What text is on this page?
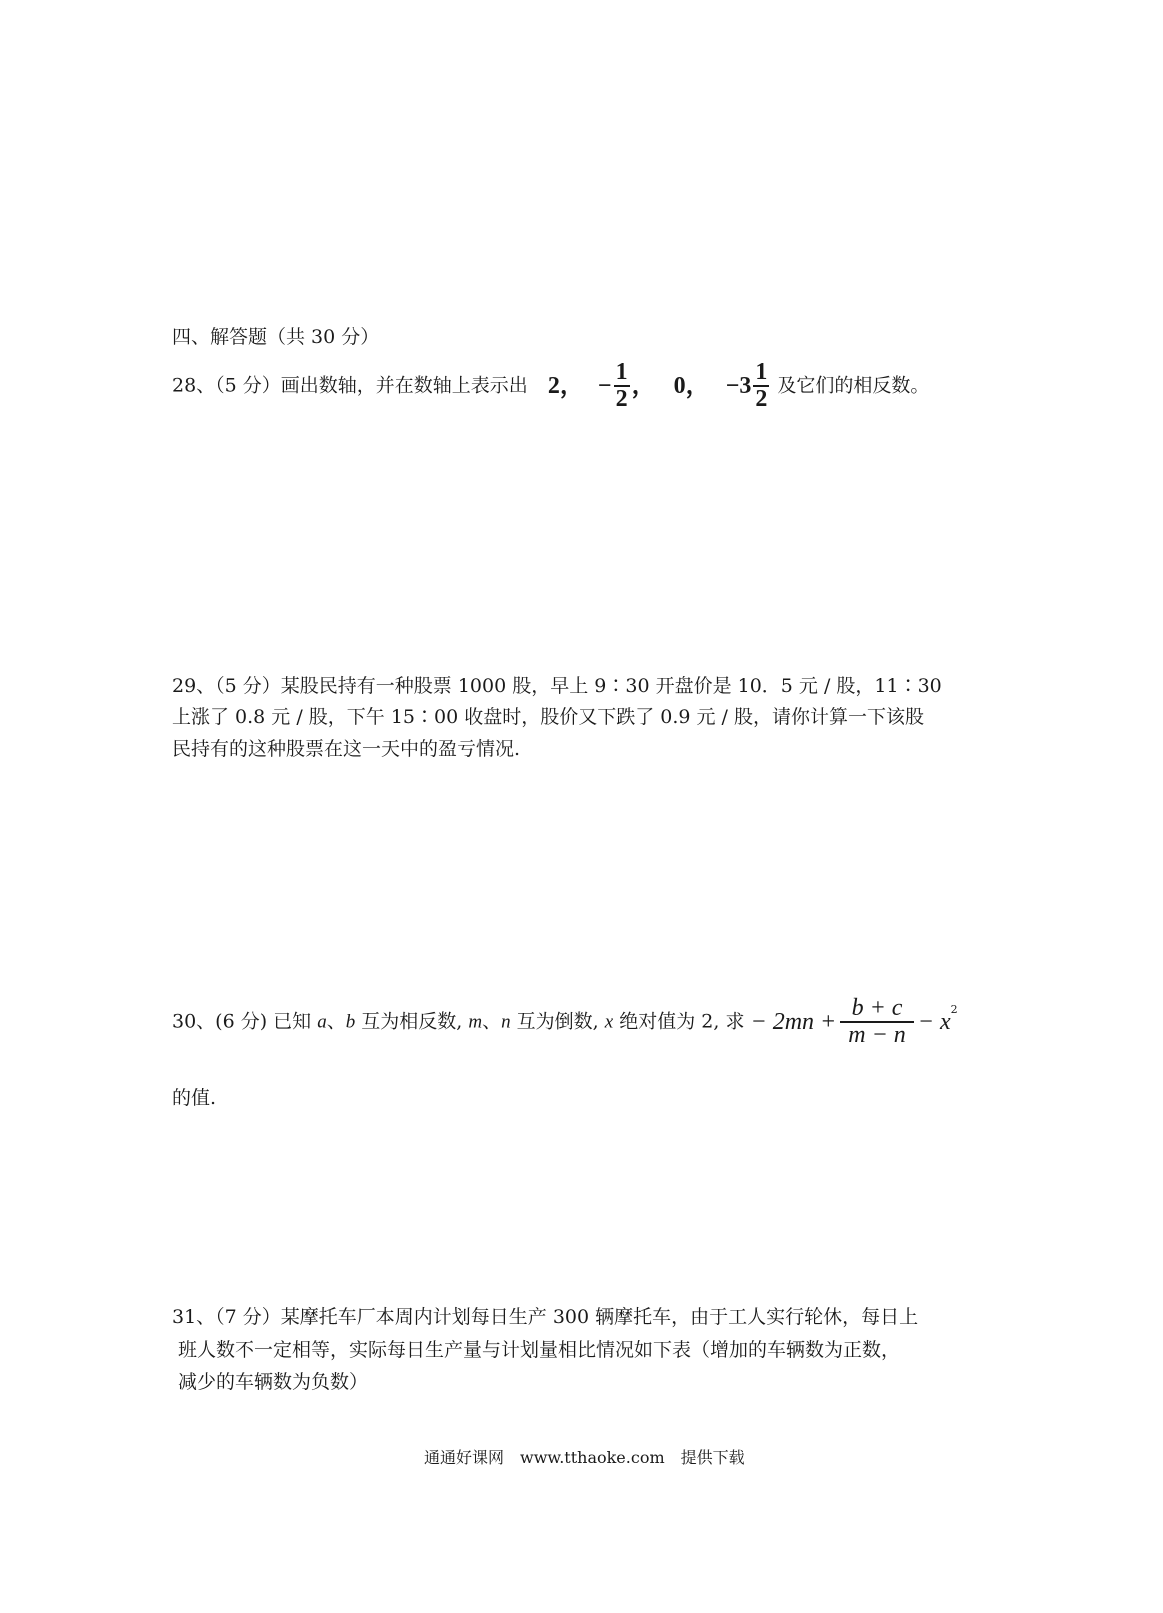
四、解答题（共 30 分）
28、（5 分）画出数轴，并在数轴上表示出 2， − $\frac{1}{2}$ ， 0， $-3 \frac{1}{2}$ 及它们的相反数。
29、（5 分）某股民持有一种股票 1000 股，早上 9∶30 开盘价是 10．5 元 / 股，11∶30
上涨了 0.8 元 / 股，下午 15∶00 收盘时，股价又下跌了 0.9 元 / 股，请你计算一下该股
民持有的这种股票在这一天中的盈亏情况.
30、(6 分) 已知 a、b 互为相反数, m、n 互为倒数, x 绝对值为 2, 求 − $2mn + \frac{b + c}{m - n} - x^2$
的值.
31、（7 分）某摩托车厂本周内计划每日生产 300 辆摩托车，由于工人实行轮休，每日上
班人数不一定相等，实际每日生产量与计划量相比情况如下表（增加的车辆数为正数，
减少的车辆数为负数）
通通好课网　www.tthaoke.com　提供下载
